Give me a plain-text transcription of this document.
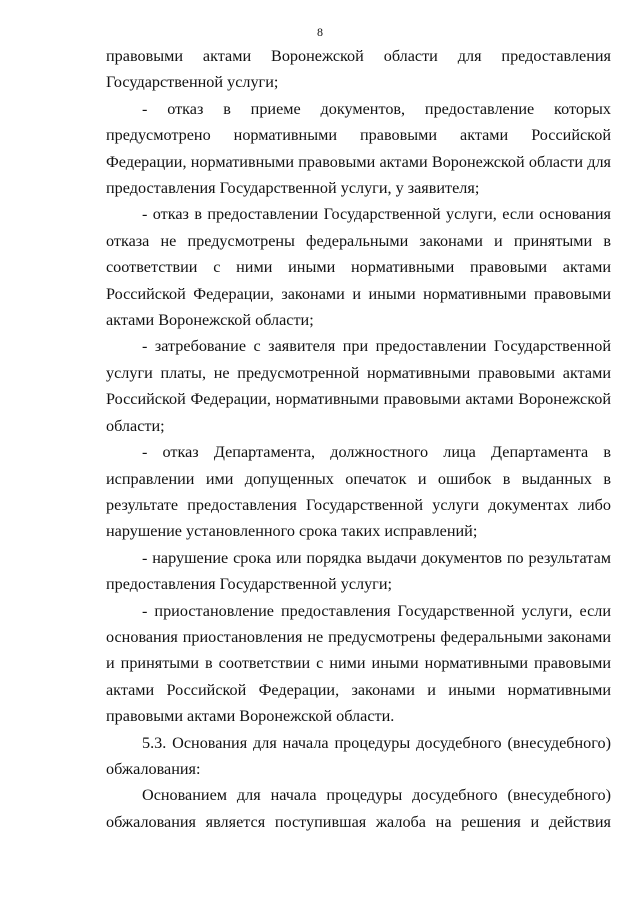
8

правовыми актами Воронежской области для предоставления Государственной услуги;

- отказ в приеме документов, предоставление которых предусмотрено нормативными правовыми актами Российской Федерации, нормативными правовыми актами Воронежской области для предоставления Государственной услуги, у заявителя;

- отказ в предоставлении Государственной услуги, если основания отказа не предусмотрены федеральными законами и принятыми в соответствии с ними иными нормативными правовыми актами Российской Федерации, законами и иными нормативными правовыми актами Воронежской области;

- затребование с заявителя при предоставлении Государственной услуги платы, не предусмотренной нормативными правовыми актами Российской Федерации, нормативными правовыми актами Воронежской области;

- отказ Департамента, должностного лица Департамента в исправлении ими допущенных опечаток и ошибок в выданных в результате предоставления Государственной услуги документах либо нарушение установленного срока таких исправлений;

- нарушение срока или порядка выдачи документов по результатам предоставления Государственной услуги;

- приостановление предоставления Государственной услуги, если основания приостановления не предусмотрены федеральными законами и принятыми в соответствии с ними иными нормативными правовыми актами Российской Федерации, законами и иными нормативными правовыми актами Воронежской области.

5.3. Основания для начала процедуры досудебного (внесудебного) обжалования:

Основанием для начала процедуры досудебного (внесудебного) обжалования является поступившая жалоба на решения и действия
